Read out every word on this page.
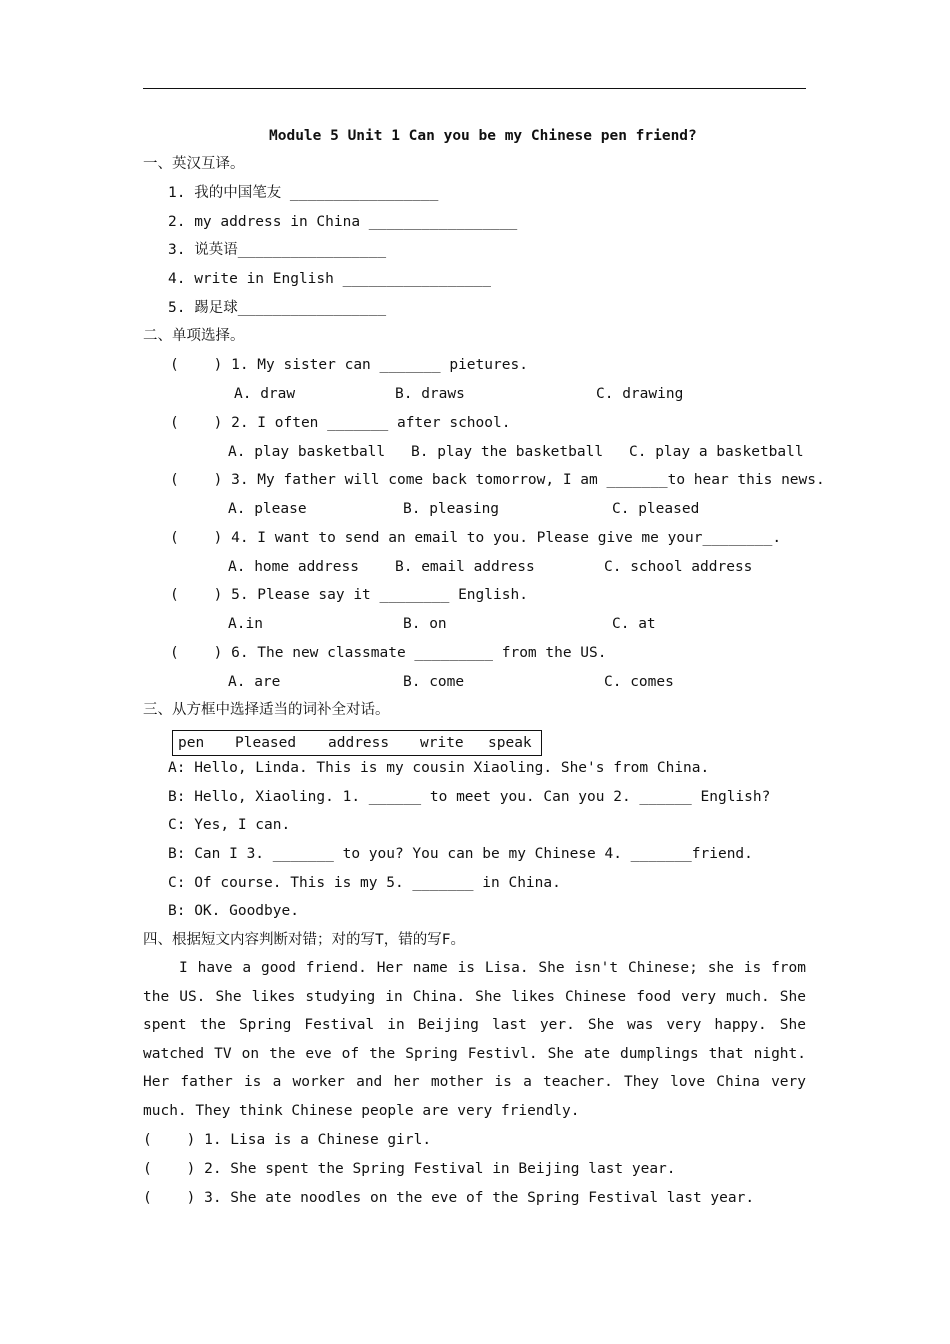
Module 5 Unit 1 Can you be my Chinese pen friend?
一、英汉互译。
1. 我的中国笔友 _________________
2. my address in China _________________
3. 说英语_________________
4. write in English _________________
5. 踢足球_________________
二、单项选择。
(    ) 1. My sister can _______ pietures.
A. draw	B. draws	C. drawing
(    ) 2. I often _______ after school.
A. play basketball B. play the basketball C. play a basketball
(    ) 3. My father will come back tomorrow, I am _______to hear this news.
A. please	B. pleasing	C. pleased
(    ) 4. I want to send an email to you. Please give me your________.
A. home address B. email address	C. school address
(    ) 5. Please say it ________ English.
A.in	B. on	C. at
(    ) 6. The new classmate _________ from the US.
A. are	B. come	C. comes
三、从方框中选择适当的词补全对话。
pen Pleased address write speak
A: Hello, Linda. This is my cousin Xiaoling. She's from China.
B: Hello, Xiaoling. 1. ______ to meet you. Can you 2. ______ English?
C: Yes, I can.
B: Can I 3. _______ to you? You can be my Chinese 4. _______friend.
C: Of course. This is my 5. _______ in China.
B: OK. Goodbye.
四、根据短文内容判断对错；对的写T，错的写F。
I have a good friend. Her name is Lisa. She isn't Chinese; she is from the US. She likes studying in China. She likes Chinese food very much. She spent the Spring Festival in Beijing last yer. She was very happy. She watched TV on the eve of the Spring Festivl. She ate dumplings that night. Her father is a worker and her mother is a teacher. They love China very much. They think Chinese people are very friendly.
(    ) 1. Lisa is a Chinese girl.
(    ) 2. She spent the Spring Festival in Beijing last year.
(    ) 3. She ate noodles on the eve of the Spring Festival last year.
